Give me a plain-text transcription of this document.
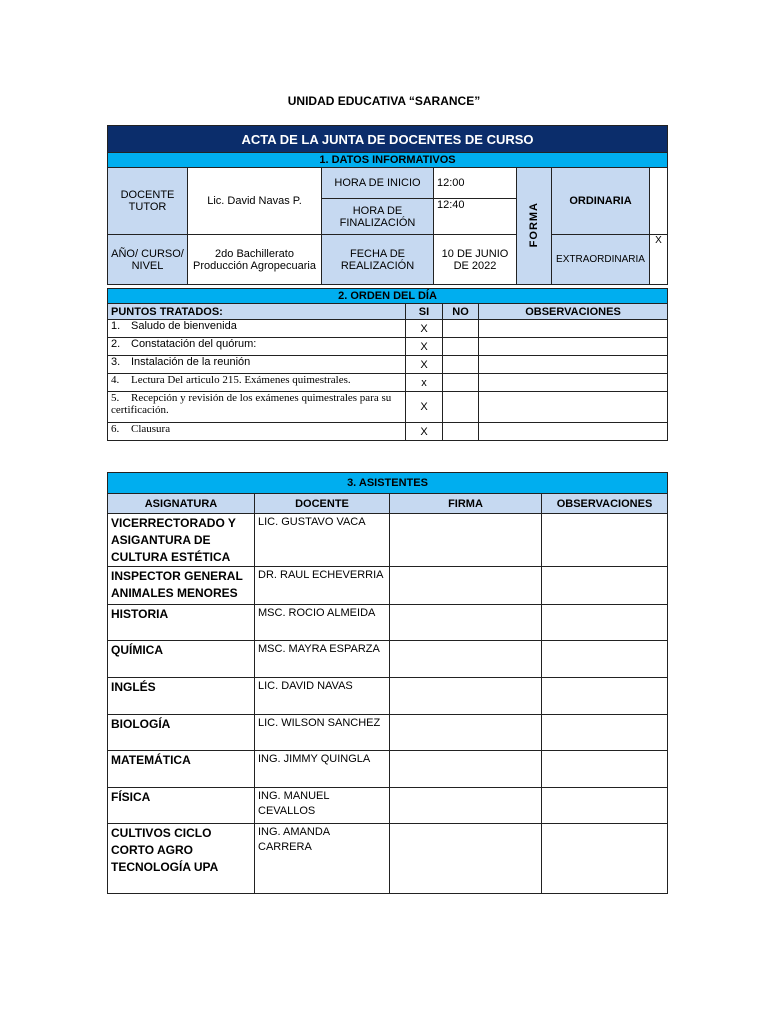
UNIDAD EDUCATIVA “SARANCE”
ACTA DE LA JUNTA DE DOCENTES DE CURSO						
1. DATOS INFORMATIVOS						
DOCENTE TUTOR	Lic. David Navas P.	HORA DE INICIO	12:00	FORMA	ORDINARIA	
		HORA DE FINALIZACIÓN	12:40			
AÑO/ CURSO/ NIVEL	2do Bachillerato Producción Agropecuaria	FECHA DE REALIZACIÓN	10 DE JUNIO DE 2022		EXTRAORDINARIA	X
2. ORDEN DEL DÍA			
PUNTOS TRATADOS:	SI	NO	OBSERVACIONES
1. Saludo de bienvenida	X		
2. Constatación del quórum:	X		
3. Instalación de la reunión	X		
4. Lectura Del articulo 215. Exámenes quimestrales.	x		
5. Recepción y revisión de los exámenes quimestrales para su certificación.	X		
6. Clausura	X		
3. ASISTENTES			
ASIGNATURA	DOCENTE	FIRMA	OBSERVACIONES
VICERRECTORADO Y ASIGANTURA DE CULTURA ESTÉTICA	LIC. GUSTAVO VACA		
INSPECTOR GENERAL ANIMALES MENORES	DR. RAUL ECHEVERRIA		
HISTORIA	MSC. ROCIO ALMEIDA		
QUÍMICA	MSC. MAYRA ESPARZA		
INGLÉS	LIC. DAVID NAVAS		
BIOLOGÍA	LIC. WILSON SANCHEZ		
MATEMÁTICA	ING. JIMMY QUINGLA		
FÍSICA	ING. MANUEL CEVALLOS		
CULTIVOS CICLO CORTO AGRO TECNOLOGÍA UPA	ING. AMANDA CARRERA		
